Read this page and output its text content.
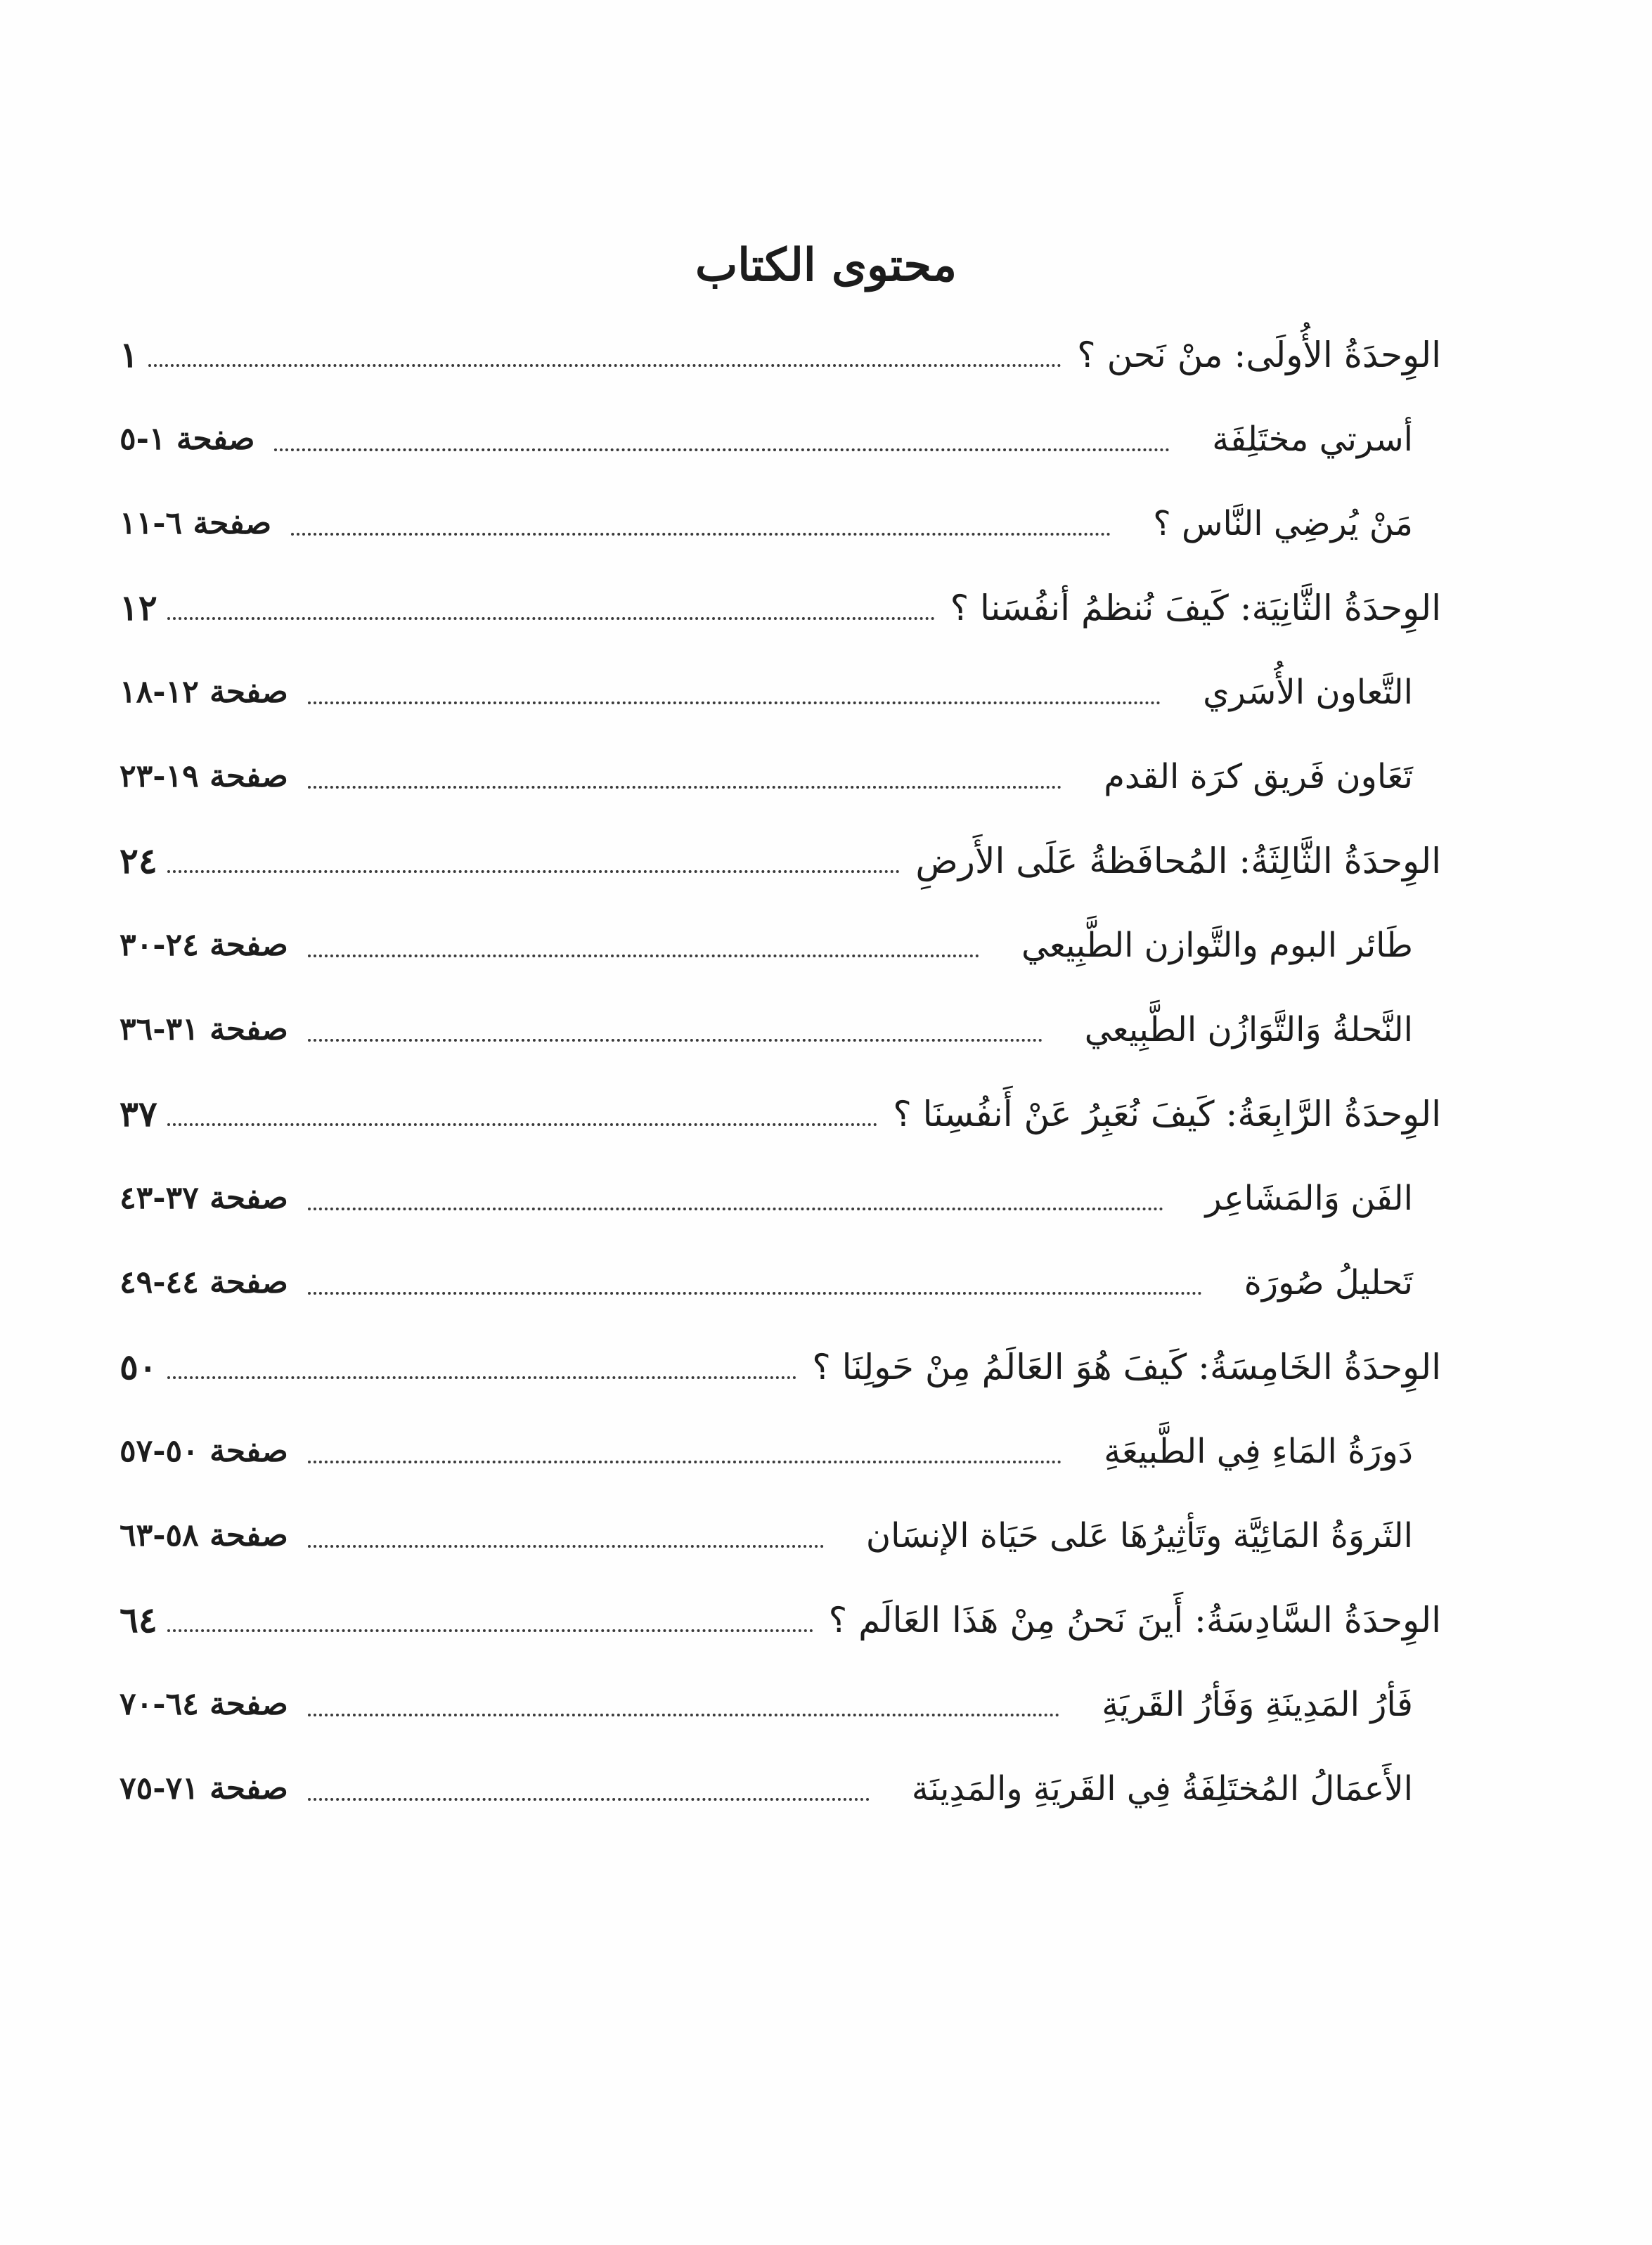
محتوى الكتاب
الوِحدَةُ الأُولَى: منْ نَحن ؟
١
أسرتي مختَلِفَة
صفحة ١-٥
مَنْ يُرضِي النَّاس ؟
صفحة ٦-١١
الوِحدَةُ الثَّانِيَة: كَيفَ نُنظمُ أنفُسَنا ؟
١٢
التَّعاون الأُسَري
صفحة ١٢-١٨
تَعَاون فَريق كرَة القدم
صفحة ١٩-٢٣
الوِحدَةُ الثَّالِثَةُ: المُحافَظةُ عَلَى الأَرضِ
٢٤
طَائر البوم والتَّوازن الطَّبِيعي
صفحة ٢٤-٣٠
النَّحلةُ وَالتَّوَازُن الطَّبِيعي
صفحة ٣١-٣٦
الوِحدَةُ الرَّابِعَةُ: كَيفَ نُعَبِرُ عَنْ أَنفُسِنَا ؟
٣٧
الفَن وَالمَشَاعِر
صفحة ٣٧-٤٣
تَحليلُ صُورَة
صفحة ٤٤-٤٩
الوِحدَةُ الخَامِسَةُ: كَيفَ هُوَ العَالَمُ مِنْ حَولِنَا ؟
٥٠
دَورَةُ المَاءِ فِي الطَّبيعَةِ
صفحة ٥٠-٥٧
الثَروَةُ المَائِيَّة وتَأثِيرُهَا عَلى حَيَاة الإنسَان
صفحة ٥٨-٦٣
الوِحدَةُ السَّادِسَةُ: أَينَ نَحنُ مِنْ هَذَا العَالَم ؟
٦٤
فَأرُ المَدِينَةِ وَفَأرُ القَريَةِ
صفحة ٦٤-٧٠
الأَعمَالُ المُختَلِفَةُ فِي القَريَةِ والمَدِينَة
صفحة ٧١-٧٥
